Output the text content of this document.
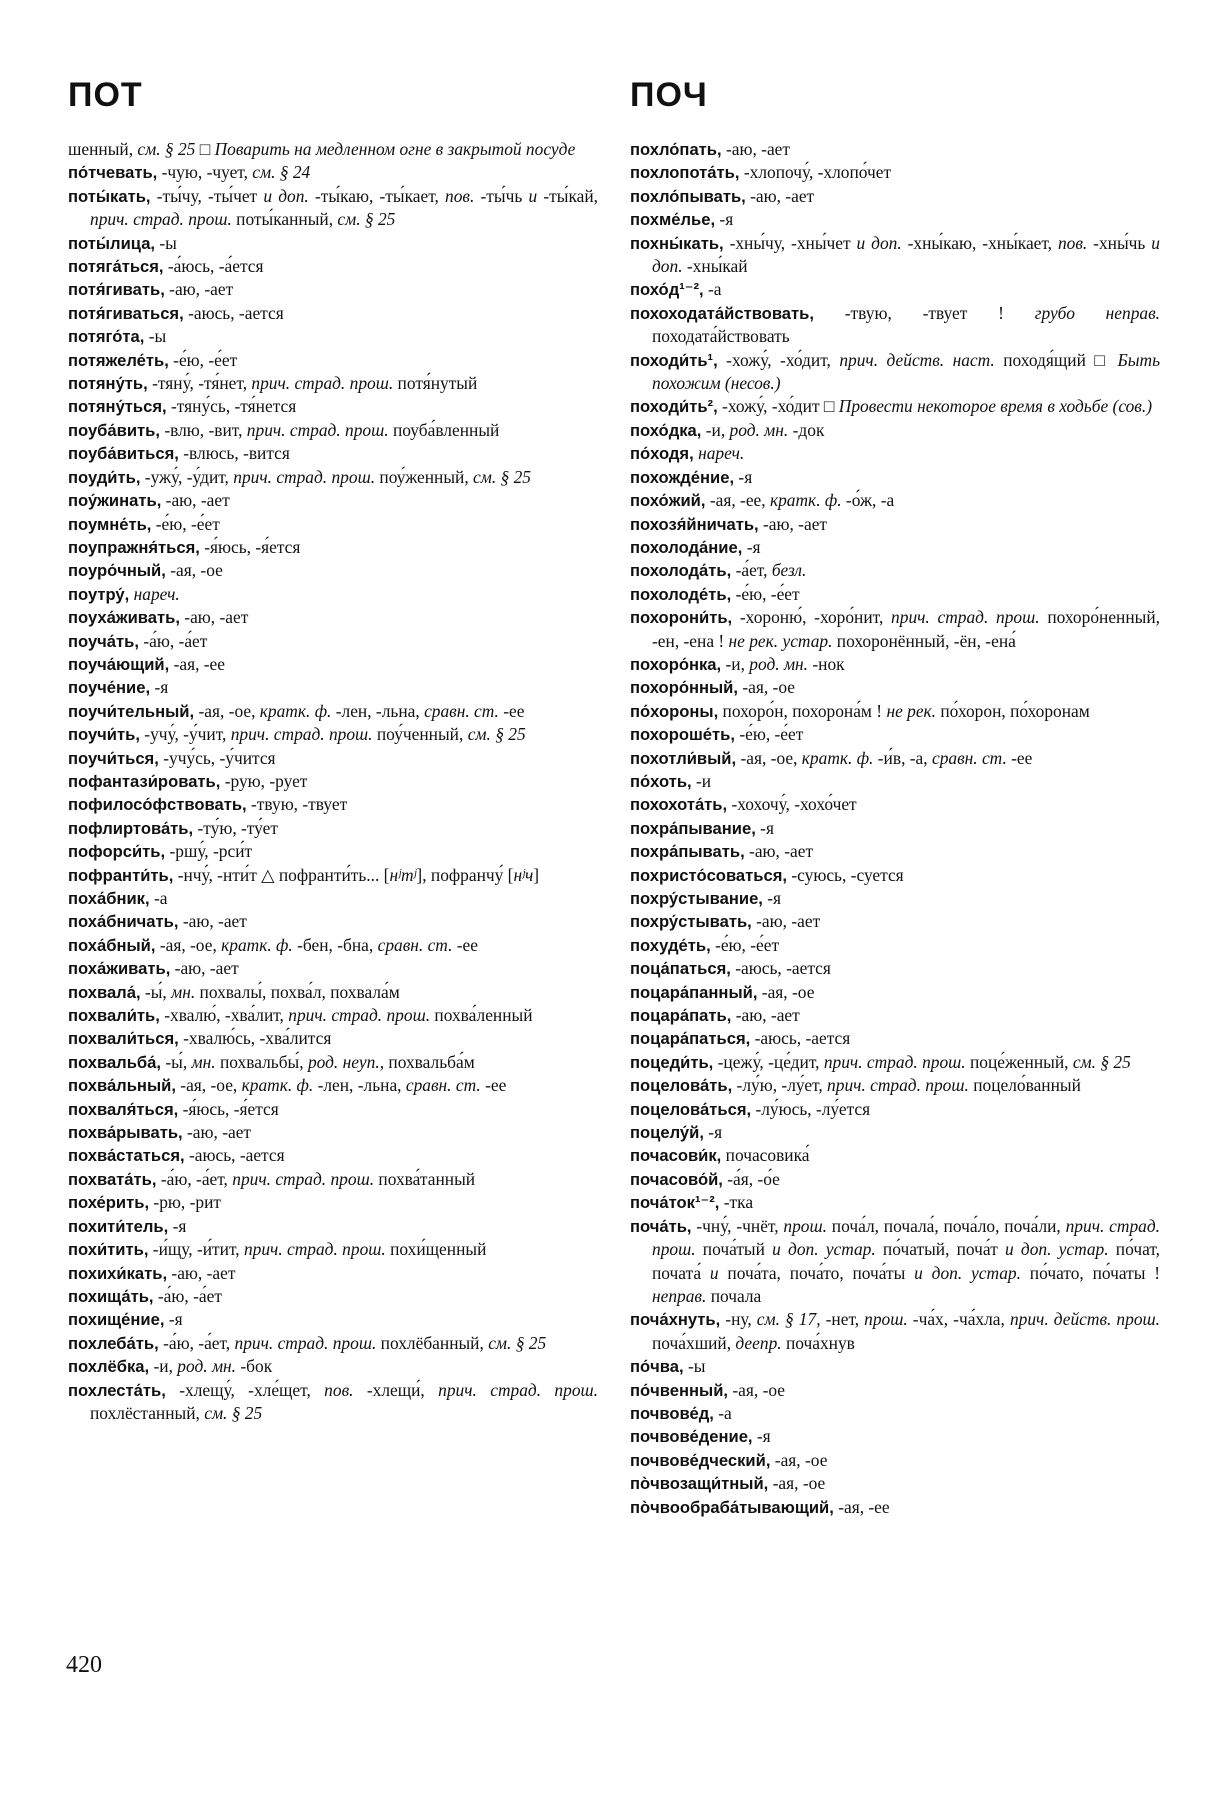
ПОТ	ПОЧ
шенный, см. § 25 □ Поварить на медленном огне в закрытой посуде
по́тчевать, -чую, -чует, см. § 24
поты́кать, -ты́чу, -ты́чет и доп. -ты́каю, -ты́кает, пов. -ты́чь и -ты́кай, прич. страд. прош. поты́канный, см. § 25
поты́лица, -ы
потяга́ться, -а́юсь, -а́ется
потя́гивать, -аю, -ает
потя́гиваться, -аюсь, -ается
потяго́та, -ы
потяжеле́ть, -е́ю, -е́ет
потяну́ть, -тяну́, -тя́нет, прич. страд. прош. потя́нутый
потяну́ться, -тяну́сь, -тя́нется
поуба́вить, -влю, -вит, прич. страд. прош. поуба́вленный
поуба́виться, -влюсь, -вится
поуди́ть, -ужу́, -у́дит, прич. страд. прош. поу́женный, см. § 25
поу́жинать, -аю, -ает
поумне́ть, -е́ю, -е́ет
поупражня́ться, -я́юсь, -я́ется
поуро́чный, -ая, -ое
поутру́, нареч.
поуха́живать, -аю, -ает
поуча́ть, -а́ю, -а́ет
поуча́ющий, -ая, -ее
поуче́ние, -я
поучи́тельный, -ая, -ое, кратк. ф. -лен, -льна, сравн. ст. -ее
поучи́ть, -учу́, -у́чит, прич. страд. прош. поу́ченный, см. § 25
поучи́ться, -учу́сь, -у́чится
пофантази́ровать, -рую, -рует
пофилосо́фствовать, -твую, -твует
пофлиртова́ть, -ту́ю, -ту́ет
пофорси́ть, -ршу́, -рси́т
пофранти́ть, -нчу́, -нти́т △ пофранти́ть... [нʲтʲ], пофранчу́ [нʲч]
поха́бник, -а
поха́бничать, -аю, -ает
поха́бный, -ая, -ое, кратк. ф. -бен, -бна, сравн. ст. -ее
поха́живать, -аю, -ает
похвала́, -ы́, мн. похвалы́, похва́л, похвала́м
похвали́ть, -хвалю́, -хва́лит, прич. страд. прош. похва́ленный
похвали́ться, -хвалю́сь, -хва́лится
похвальба́, -ы́, мн. похвальбы́, род. неуп., похвальба́м
похва́льный, -ая, -ое, кратк. ф. -лен, -льна, сравн. ст. -ее
похваля́ться, -я́юсь, -я́ется
похва́рывать, -аю, -ает
похва́статься, -аюсь, -ается
похвата́ть, -а́ю, -а́ет, прич. страд. прош. похва́танный
похе́рить, -рю, -рит
похити́тель, -я
похи́тить, -и́щу, -и́тит, прич. страд. прош. похи́щенный
похихи́кать, -аю, -ает
похища́ть, -а́ю, -а́ет
похище́ние, -я
похлеба́ть, -а́ю, -а́ет, прич. страд. прош. похлёбанный, см. § 25
похлёбка, -и, род. мн. -бок
похлеста́ть, -хлещу́, -хле́щет, пов. -хлещи́, прич. страд. прош. похлёстанный, см. § 25
похло́пать, -аю, -ает
похлопота́ть, -хлопочу́, -хлопо́чет
похло́пывать, -аю, -ает
похме́лье, -я
похны́кать, -хны́чу, -хны́чет и доп. -хны́каю, -хны́кает, пов. -хны́чь и доп. -хны́кай
похо́д¹⁻², -а
похоходата́йствовать, -твую, -твует ! грубо неправ. походата́йствовать
походи́ть¹, -хожу́, -хо́дит, прич. действ. наст. походя́щий □ Быть похожим (несов.)
походи́ть², -хожу́, -хо́дит □ Провести некоторое время в ходьбе (сов.)
похо́дка, -и, род. мн. -док
по́ходя, нареч.
похожде́ние, -я
похо́жий, -ая, -ее, кратк. ф. -о́ж, -а
похозя́йничать, -аю, -ает
похолода́ние, -я
похолода́ть, -а́ет, безл.
похолоде́ть, -е́ю, -е́ет
похорони́ть, -хороню́, -хоро́нит, прич. страд. прош. похоро́ненный, -ен, -ена ! не рек. устар. похоронённый, -ён, -ена́
похоро́нка, -и, род. мн. -нок
похоро́нный, -ая, -ое
по́хороны, похоро́н, похорона́м ! не рек. по́хорон, по́хоронам
похороше́ть, -е́ю, -е́ет
похотли́вый, -ая, -ое, кратк. ф. -и́в, -а, сравн. ст. -ее
по́хоть, -и
похохота́ть, -хохочу́, -хохо́чет
похра́пывание, -я
похра́пывать, -аю, -ает
похристо́соваться, -суюсь, -суется
похру́стывание, -я
похру́стывать, -аю, -ает
похуде́ть, -е́ю, -е́ет
поца́паться, -аюсь, -ается
поцара́панный, -ая, -ое
поцара́пать, -аю, -ает
поцара́паться, -аюсь, -ается
поцеди́ть, -цежу́, -це́дит, прич. страд. прош. поце́женный, см. § 25
поцелова́ть, -лу́ю, -лу́ет, прич. страд. прош. поцело́ванный
поцелова́ться, -лу́юсь, -лу́ется
поцелу́й, -я
почасови́к, почасовика́
почасово́й, -а́я, -о́е
поча́ток¹⁻², -тка
поча́ть, -чну́, -чнёт, прош. поча́л, почала́, поча́ло, поча́ли, прич. страд. прош. поча́тый и доп. устар. по́чатый, поча́т и доп. устар. по́чат, почата́ и поча́та, поча́то, поча́ты и доп. устар. по́чато, по́чаты ! неправ. почала
поча́хнуть, -ну, см. § 17, -нет, прош. -ча́х, -ча́хла, прич. действ. прош. поча́хший, деепр. поча́хнув
по́чва, -ы
по́чвенный, -ая, -ое
почвове́д, -а
почвове́дение, -я
почвове́дческий, -ая, -ое
по̀чвозащи́тный, -ая, -ое
по̀чвообраба́тывающий, -ая, -ее
420
